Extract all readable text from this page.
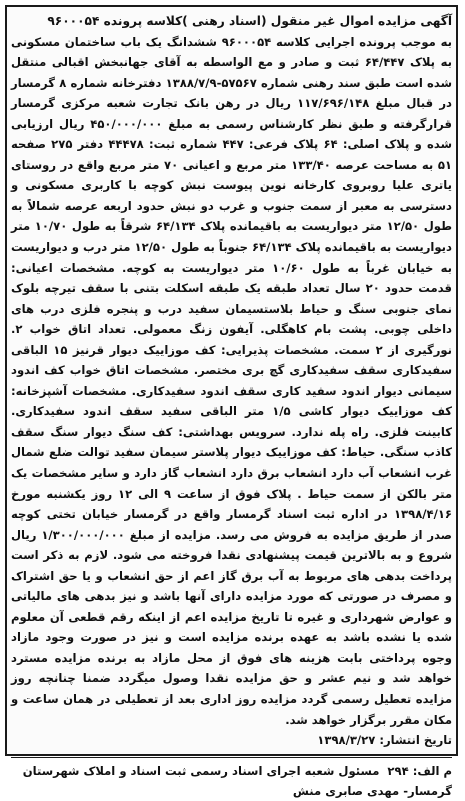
آگهی مزایده اموال غیر منقول (اسناد رهنی )کلاسه پرونده ۹۶۰۰۰۵۴

به موجب پرونده اجرایی کلاسه ۹۶۰۰۰۵۴ ششدانگ یک باب ساختمان مسکونی به پلاک ۶۴/۴۴۷ ثبت و صادر و مع الواسطه به آقای جهانبخش اقبالی منتقل شده است طبق سند رهنی شماره ۵۷۵۶۷-۱۳۸۸/۷/۹ دفترخانه شماره ۸ گرمسار در قبال مبلغ ۱۱۷/۶۹۶/۱۴۸ ریال در رهن بانک تجارت شعبه مرکزی گرمسار قرارگرفته و طبق نظر کارشناس رسمی به مبلغ ۴۵۰/۰۰۰/۰۰۰ ریال ارزیابی شده و پلاک اصلی: ۶۴ پلاک فرعی: ۴۴۷ شماره ثبت: ۴۴۴۷۸ دفتر ۲۷۵ صفحه ۵۱ به مساحت عرصه ۱۳۳/۴۰ متر مربع و اعیانی ۷۰ متر مربع واقع در روستای یاتری علیا روبروی کارخانه نوین پیوست نبش کوچه با کاربری مسکونی و دسترسی به معبر از سمت جنوب و غرب دو نبش حدود اربعه عرصه شمالاً به طول ۱۲/۵۰ متر دیواریست به باقیمانده پلاک ۶۴/۱۳۴ شرقاً به طول ۱۰/۷۰ متر دیواریست به باقیمانده پلاک ۶۴/۱۳۴ جنوباً به طول ۱۲/۵۰ متر درب و دیواریست به خیابان غرباً به طول ۱۰/۶۰ متر دیواریست به کوچه. مشخصات اعیانی: قدمت حدود ۲۰ سال تعداد طبقه یک طبقه اسکلت بتنی با سقف تیرچه بلوک نمای جنوبی سنگ و حیاط بلاستسیمان سفید درب و پنجره فلزی درب های داخلی چوبی. پشت بام کاهگلی. آیفون زنگ معمولی. تعداد اتاق خواب ۲. نورگیری از ۲ سمت. مشخصات پذیرایی: کف موزاییک دیوار قرنیز ۱۵ الباقی سفیدکاری سقف سفیدکاری گچ بری مختصر. مشخصات اتاق خواب کف اندود سیمانی دیوار اندود سفید کاری سقف اندود سفیدکاری. مشخصات آشپزخانه: کف موزاییک دیوار کاشی ۱/۵ متر الباقی سفید سقف اندود سفیدکاری. کابینت فلزی. راه پله ندارد. سرویس بهداشتی: کف سنگ دیوار سنگ سقف کاذب سنگی. حیاط: کف موزاییک دیوار پلاستر سیمان سفید توالت ضلع شمال غرب انشعاب آب دارد انشعاب برق دارد انشعاب گاز دارد و سایر مشخصات یک متر بالکن از سمت حیاط . پلاک فوق از ساعت ۹ الی ۱۲ روز یکشنبه مورخ ۱۳۹۸/۴/۱۶ در اداره ثبت اسناد گرمسار واقع در گرمسار خیابان تختی کوچه صدر از طریق مزایده به فروش می رسد. مزایده از مبلغ ۱/۳۰۰/۰۰۰/۰۰۰ ریال شروع و به بالاترین قیمت پیشنهادی نقدا فروخته می شود. لازم به ذکر است پرداخت بدهی های مربوط به آب برق گاز اعم از حق انشعاب و یا حق اشتراک و مصرف در صورتی که مورد مزایده دارای آنها باشد و نیز بدهی های مالیاتی و عوارض شهرداری و غیره تا تاریخ مزایده اعم از اینکه رقم قطعی آن معلوم شده یا نشده باشد به عهده برنده مزایده است و نیز در صورت وجود مازاد وجوه پرداختی بابت هزینه های فوق از محل مازاد به برنده مزایده مسترد خواهد شد و نیم عشر و حق مزایده نقدا وصول میگردد ضمنا چنانچه روز مزایده تعطیل رسمی گردد مزایده روز اداری بعد از تعطیلی در همان ساعت و مکان مقرر برگزار خواهد شد.

تاریخ انتشار: ۱۳۹۸/۳/۲۷

م الف: ۲۹۴مسئول شعبه اجرای اسناد رسمی ثبت اسناد و املاک شهرستان

گرمسار- مهدی صابری منش
